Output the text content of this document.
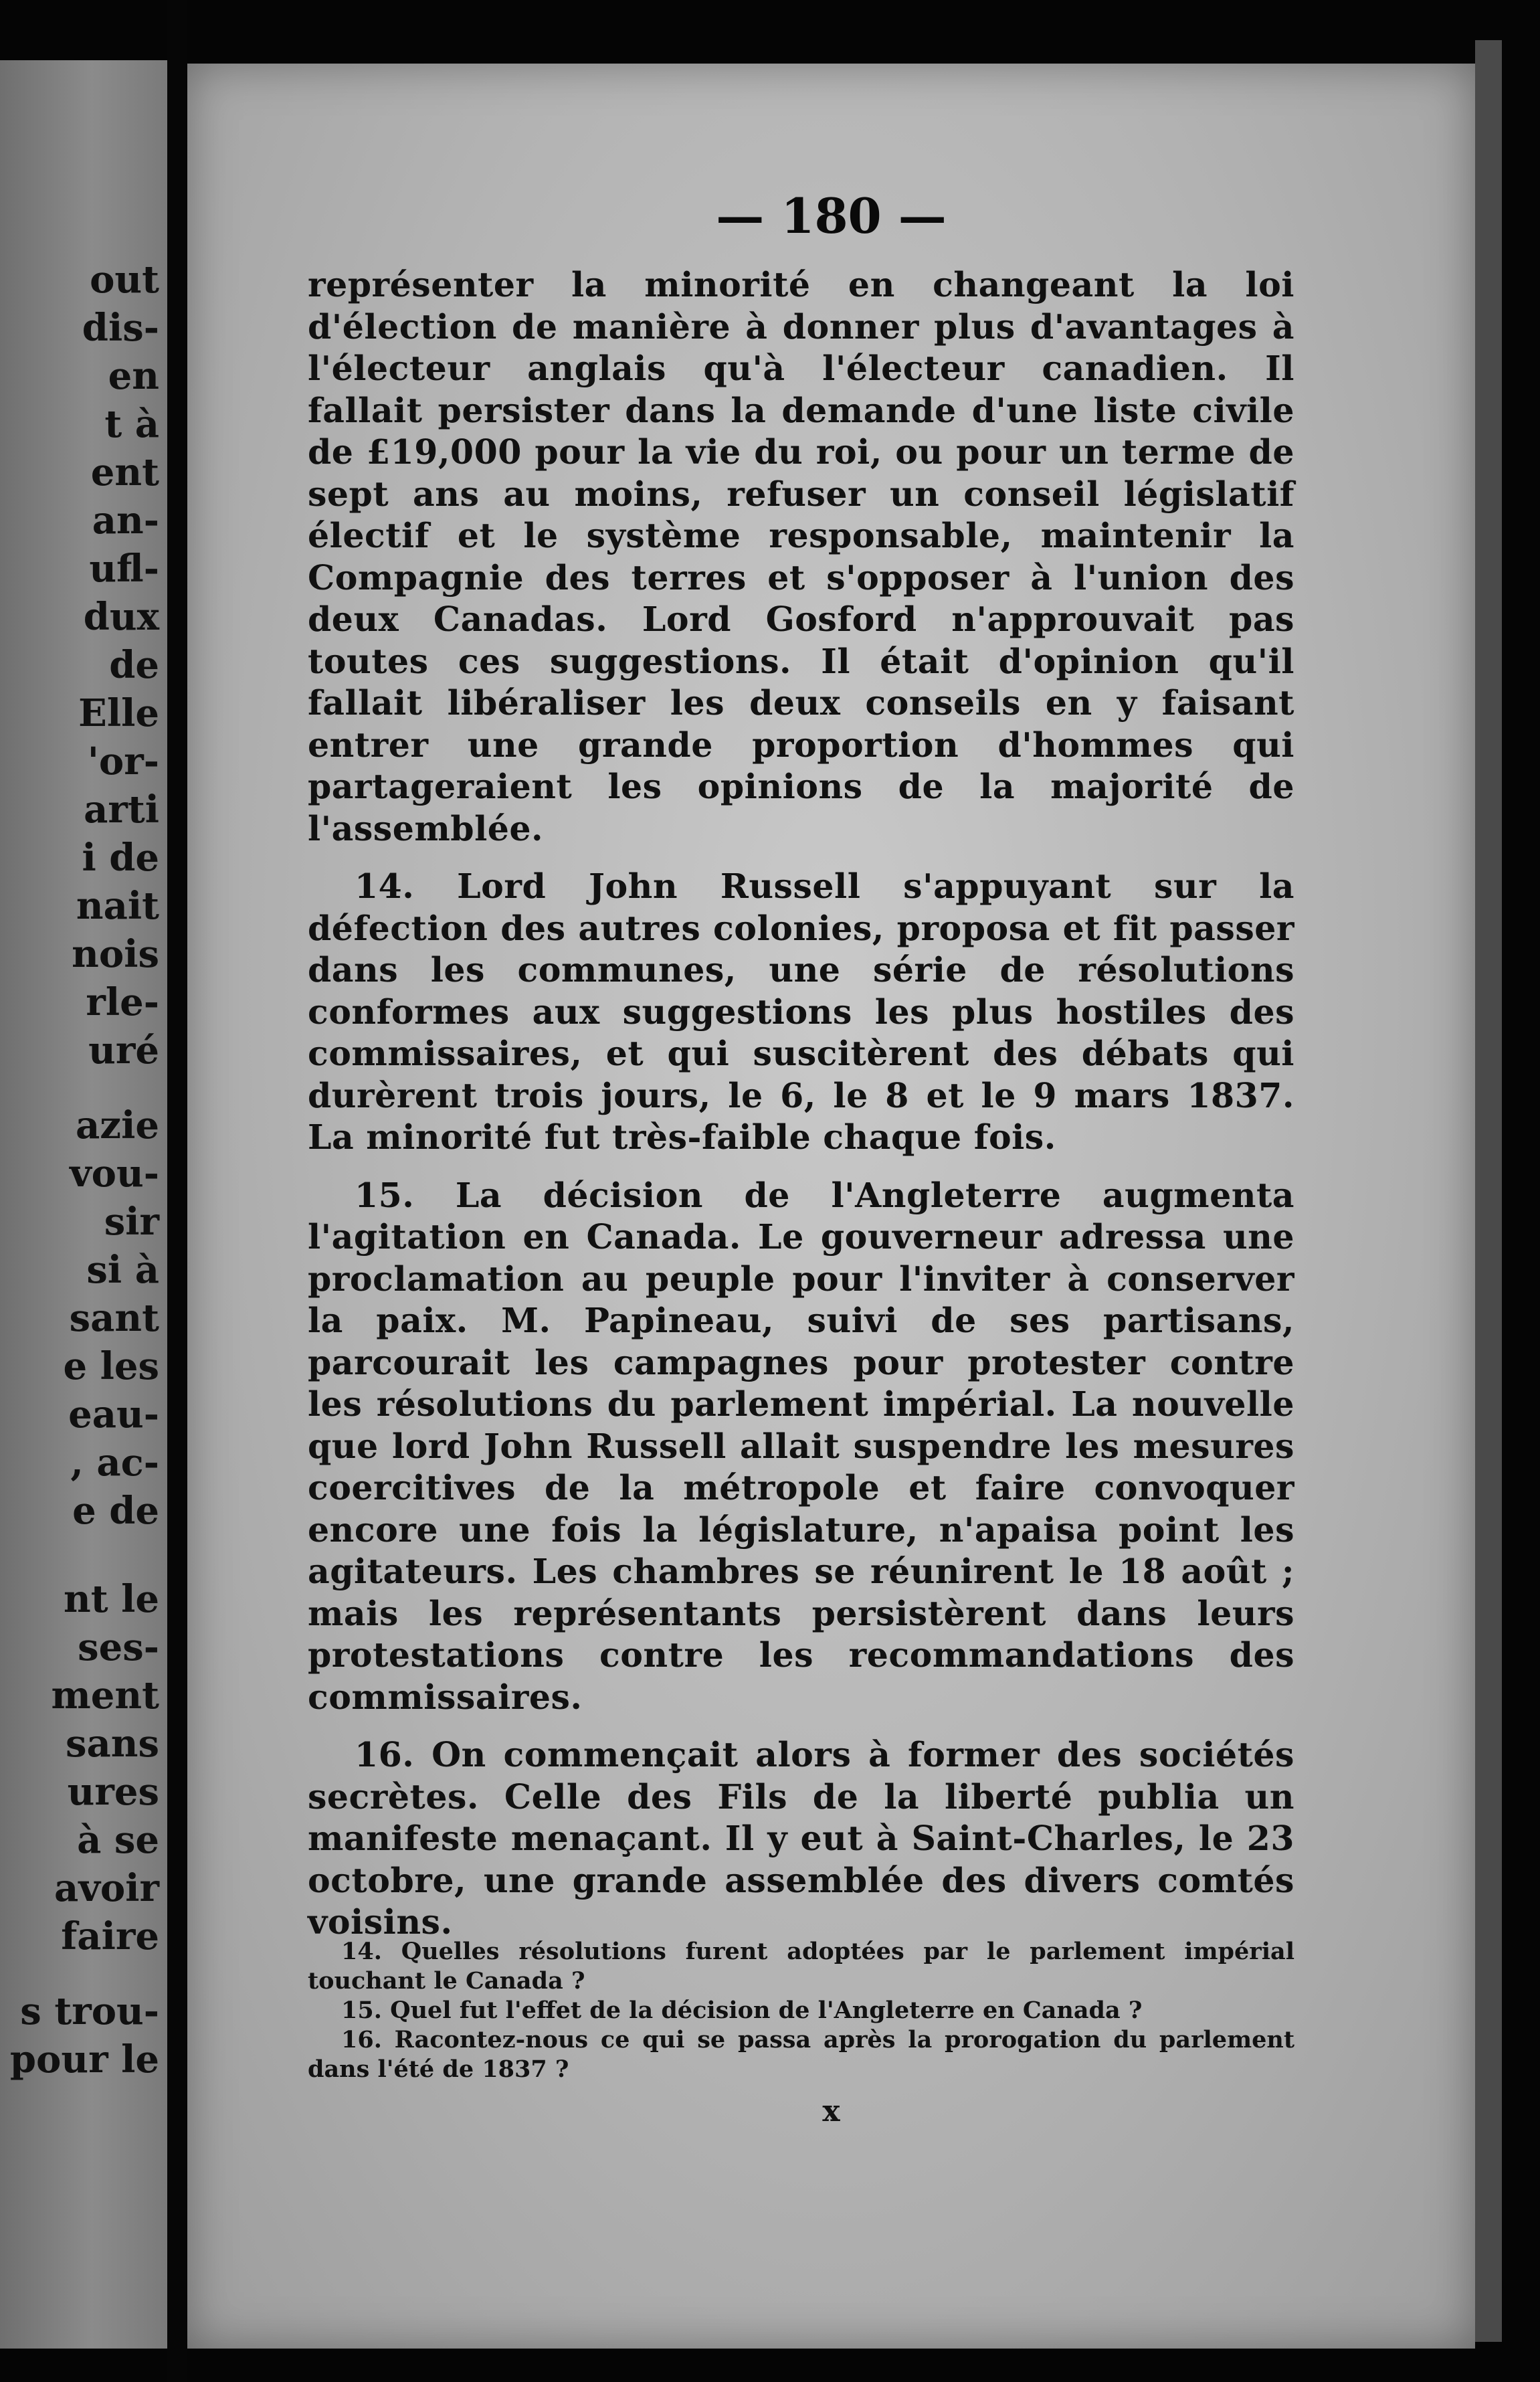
out
dis-
en
t à
ent
an-
ufl-
dux
de
Elle
'or-
arti
i de
nait
nois
rle-
uré
azie
vou-
sir
si à
sant
e les
eau-
, ac-
e de
nt le
ses-
ment
sans
ures
à se
avoir
faire
s trou-
pour le
— 180 —

représenter la minorité en changeant la loi d'élection de manière à donner plus d'avantages à l'électeur anglais qu'à l'électeur canadien. Il fallait persister dans la demande d'une liste civile de £19,000 pour la vie du roi, ou pour un terme de sept ans au moins, refuser un conseil législatif électif et le système responsable, maintenir la Compagnie des terres et s'opposer à l'union des deux Canadas. Lord Gosford n'approuvait pas toutes ces suggestions. Il était d'opinion qu'il fallait libéraliser les deux conseils en y faisant entrer une grande proportion d'hommes qui partageraient les opinions de la majorité de l'assemblée.

14. Lord John Russell s'appuyant sur la défection des autres colonies, proposa et fit passer dans les communes, une série de résolutions conformes aux suggestions les plus hostiles des commissaires, et qui suscitèrent des débats qui durèrent trois jours, le 6, le 8 et le 9 mars 1837. La minorité fut très-faible chaque fois.

15. La décision de l'Angleterre augmenta l'agitation en Canada. Le gouverneur adressa une proclamation au peuple pour l'inviter à conserver la paix. M. Papineau, suivi de ses partisans, parcourait les campagnes pour protester contre les résolutions du parlement impérial. La nouvelle que lord John Russell allait suspendre les mesures coercitives de la métropole et faire convoquer encore une fois la législature, n'apaisa point les agitateurs. Les chambres se réunirent le 18 août ; mais les représentants persistèrent dans leurs protestations contre les recommandations des commissaires.

16. On commençait alors à former des sociétés secrètes. Celle des Fils de la liberté publia un manifeste menaçant. Il y eut à Saint-Charles, le 23 octobre, une grande assemblée des divers comtés voisins.

14. Quelles résolutions furent adoptées par le parlement impérial touchant le Canada ?

15. Quel fut l'effet de la décision de l'Angleterre en Canada ?

16. Racontez-nous ce qui se passa après la prorogation du parlement dans l'été de 1837 ?

x
